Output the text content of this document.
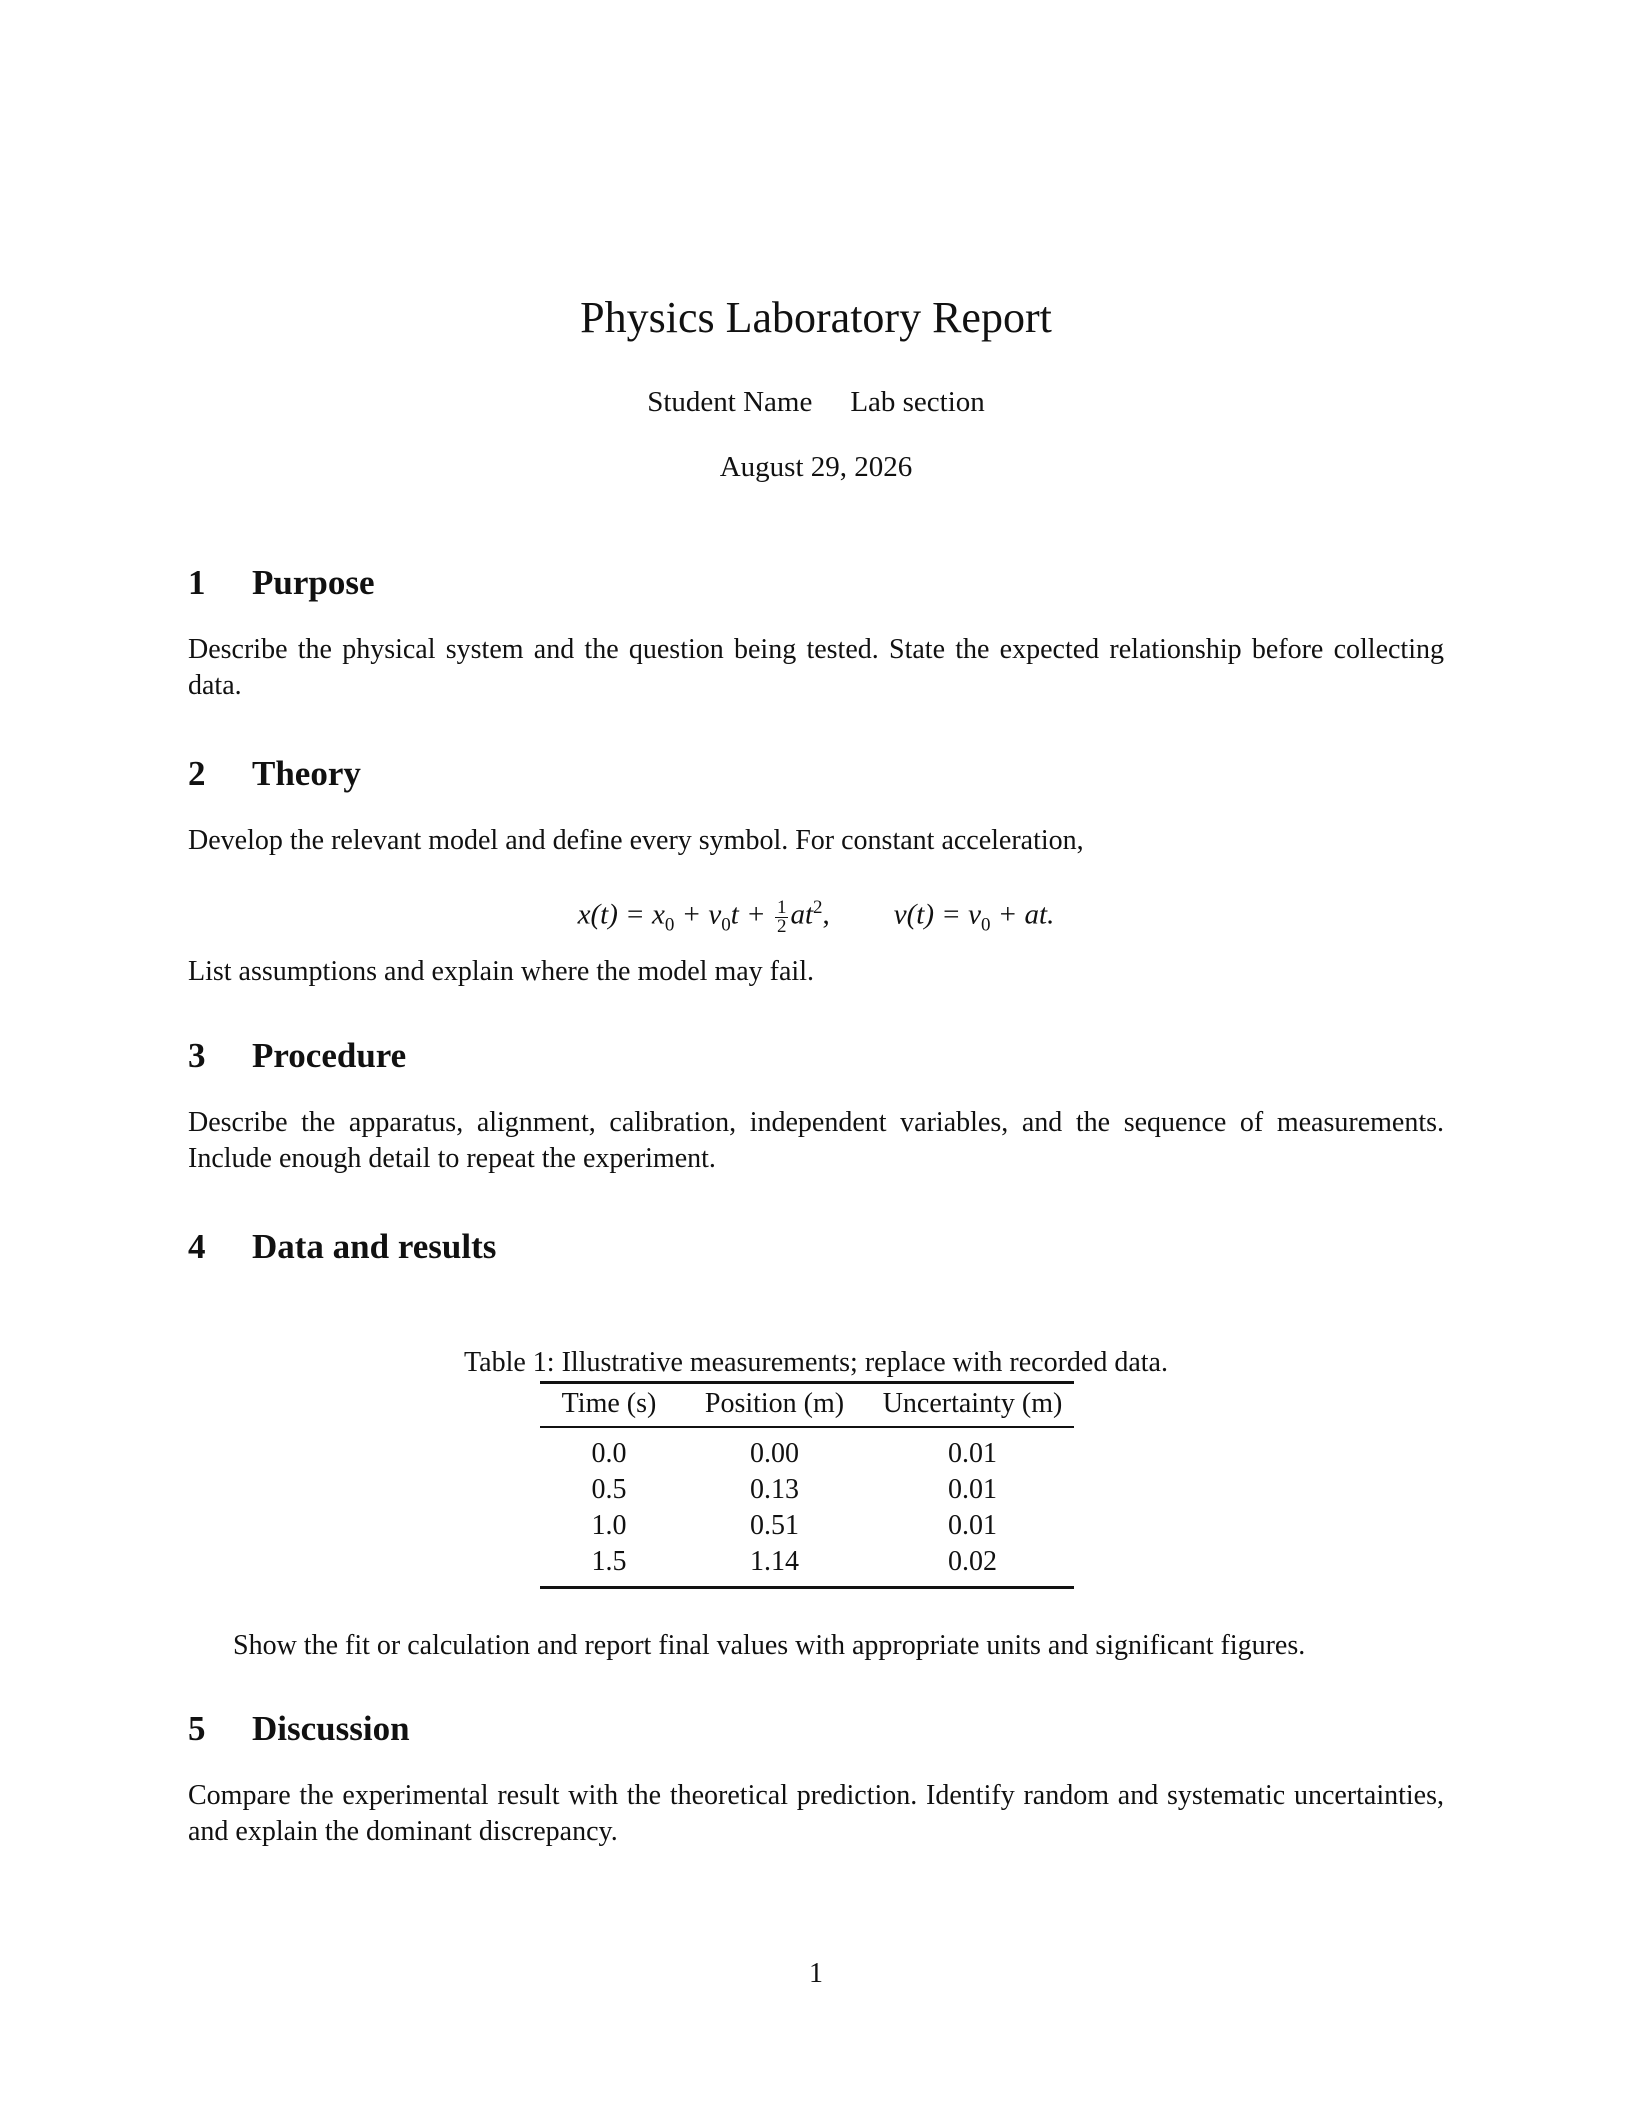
Physics Laboratory Report
Student Name Lab section
August 29, 2026
1 Purpose

Describe the physical system and the question being tested. State the expected relationship before collecting data.

2 Theory

Develop the relevant model and define every symbol. For constant acceleration,

$x(t) = x_0 + v_0t + \frac{1}{2} at^2$, $v(t) = v_0$ + at.

List assumptions and explain where the model may fail.

3 Procedure

Describe the apparatus, alignment, calibration, independent variables, and the sequence of measurements. Include enough detail to repeat the experiment.

4 Data and results
Table 1: Illustrative measurements; replace with recorded data.
Time (s)	Position (m)	Uncertainty (m)
0.0	0.00	0.01
0.5	0.13	0.01
1.0	0.51	0.01
1.5	1.14	0.02

Show the fit or calculation and report final values with appropriate units and significant figures.

5 Discussion

Compare the experimental result with the theoretical prediction. Identify random and systematic uncertainties, and explain the dominant discrepancy.

1
